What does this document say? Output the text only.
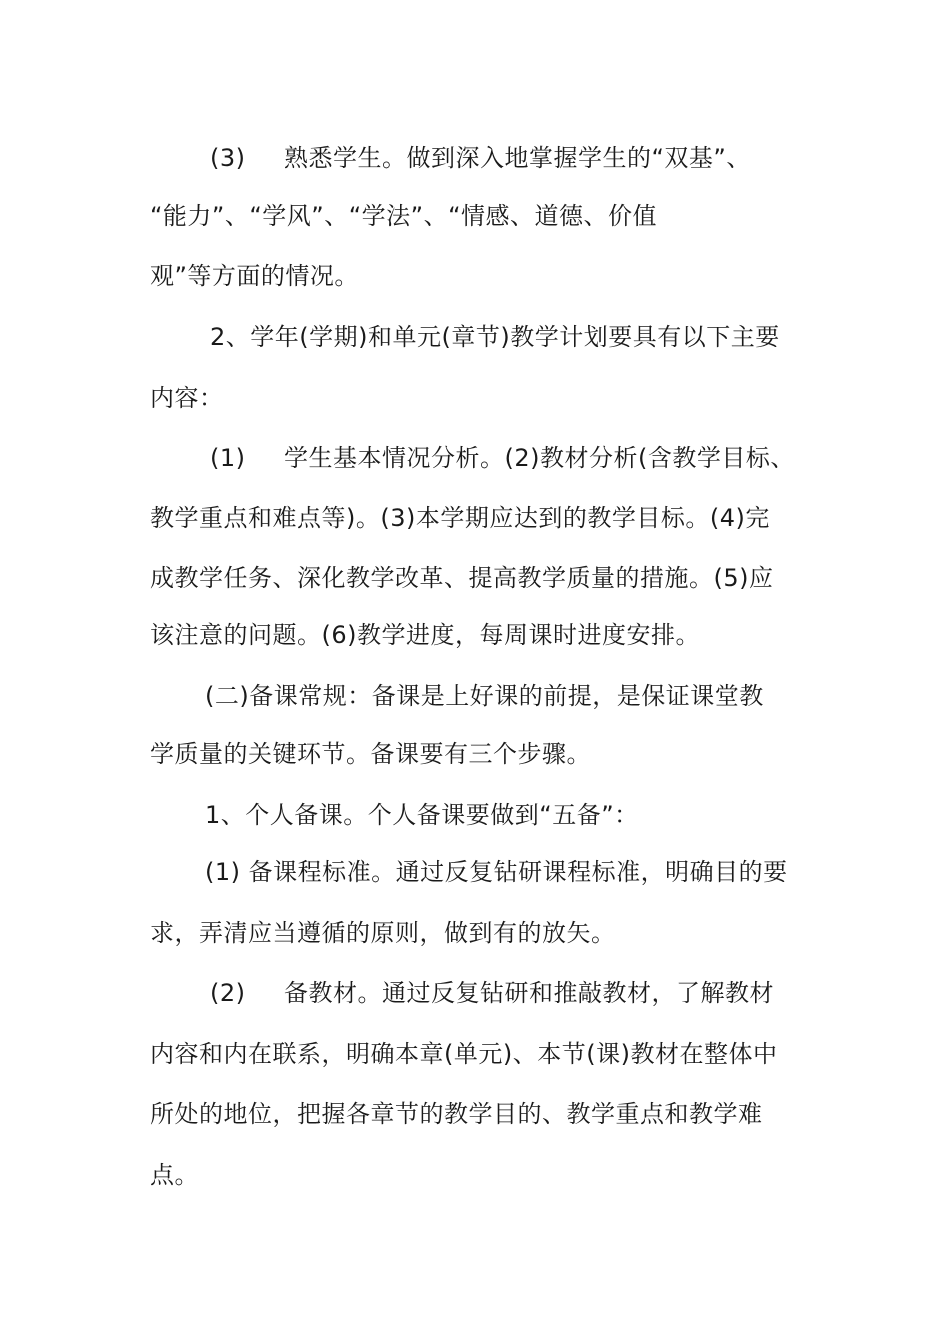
(3) 熟悉学生。做到深入地掌握学生的“双基”、
“能力”、“学风”、“学法”、“情感、道德、价值
观”等方面的情况。
2、学年(学期)和单元(章节)教学计划要具有以下主要
内容：
(1) 学生基本情况分析。(2)教材分析(含教学目标、
教学重点和难点等)。(3)本学期应达到的教学目标。(4)完
成教学任务、深化教学改革、提高教学质量的措施。(5)应
该注意的问题。(6)教学进度，每周课时进度安排。
(二)备课常规：备课是上好课的前提，是保证课堂教
学质量的关键环节。备课要有三个步骤。
1、个人备课。个人备课要做到“五备”：
(1) 备课程标准。通过反复钻研课程标准，明确目的要
求，弄清应当遵循的原则，做到有的放矢。
(2) 备教材。通过反复钻研和推敲教材，了解教材
内容和内在联系，明确本章(单元)、本节(课)教材在整体中
所处的地位，把握各章节的教学目的、教学重点和教学难
点。
